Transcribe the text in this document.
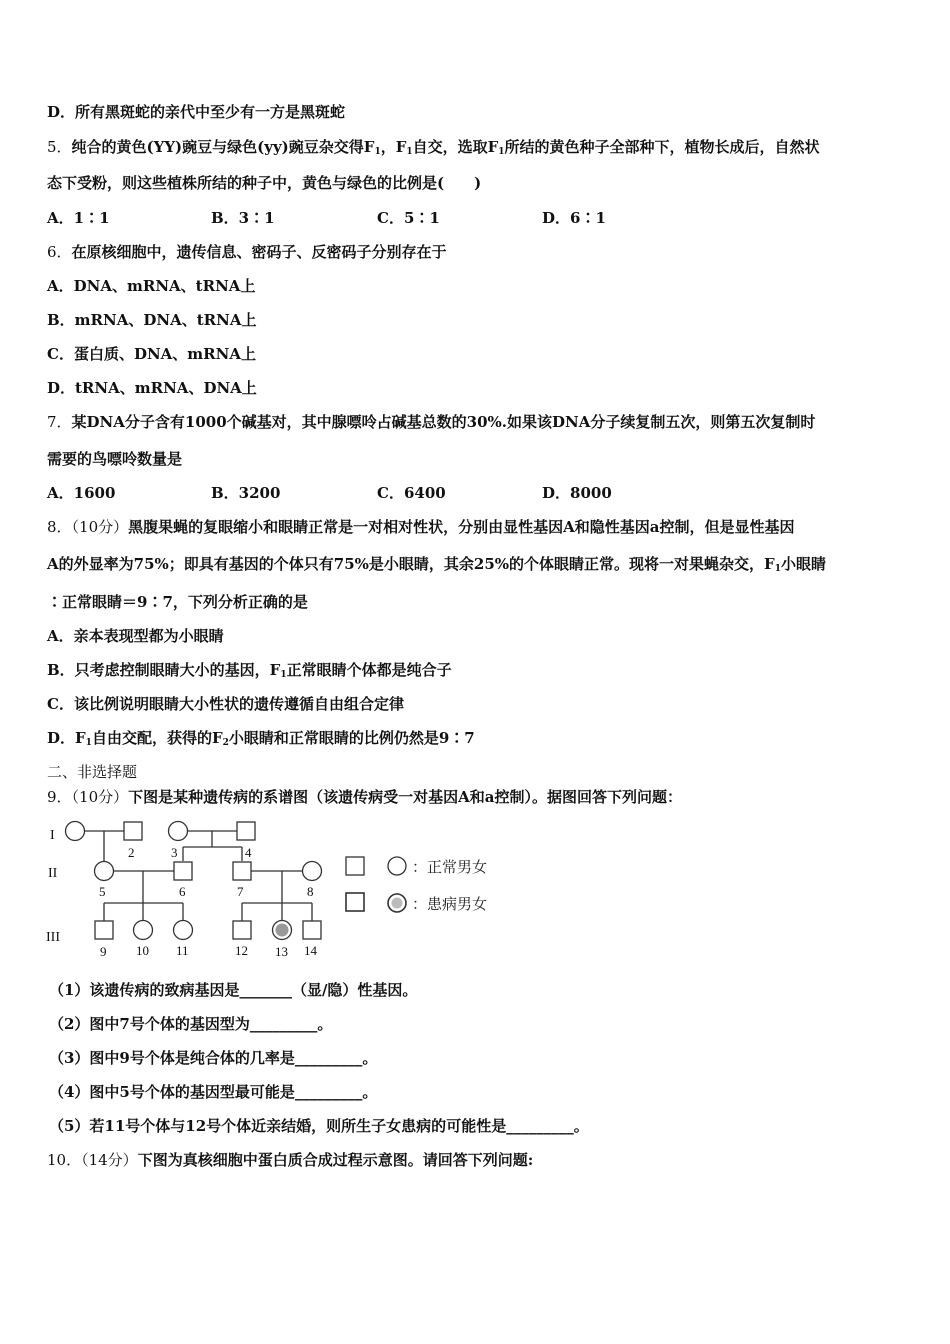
D．所有黑斑蛇的亲代中至少有一方是黑斑蛇
5．纯合的黄色(YY)豌豆与绿色(yy)豌豆杂交得$F_1$，$F_1$自交，选取$F_1$所结的黄色种子全部种下，植物长成后，自然状
态下受粉，则这些植株所结的种子中，黄色与绿色的比例是(　　)
A．1∶1	B．3∶1	C．5∶1	D．6∶1
6．在原核细胞中，遗传信息、密码子、反密码子分别存在于
A．DNA、mRNA、tRNA上
B．mRNA、DNA、tRNA上
C．蛋白质、DNA、mRNA上
D．tRNA、mRNA、DNA上
7．某DNA分子含有1000个碱基对，其中腺嘌呤占碱基总数的30%.如果该DNA分子续复制五次，则第五次复制时
需要的鸟嘌呤数量是
A．1600	B．3200	C．6400	D．8000
8．（10分）黑腹果蝇的复眼缩小和眼睛正常是一对相对性状，分别由显性基因A和隐性基因a控制，但是显性基因
A的外显率为75%；即具有基因的个体只有75%是小眼睛，其余25%的个体眼睛正常。现将一对果蝇杂交，$F_1$小眼睛
∶正常眼睛＝9∶7，下列分析正确的是
A．亲本表现型都为小眼睛
B．只考虑控制眼睛大小的基因，$F_1$正常眼睛个体都是纯合子
C．该比例说明眼睛大小性状的遗传遵循自由组合定律
D．$F_1$自由交配，获得的$F_2$小眼睛和正常眼睛的比例仍然是9∶7
二、非选择题
9．（10分）下图是某种遗传病的系谱图（该遗传病受一对基因A和a控制）。据图回答下列问题：
I
II
III
2	3	4
5	6	7	8
9 10 11	12 13 14
：正常男女
：患病男女
（1）该遗传病的致病基因是_______（显/隐）性基因。
（2）图中7号个体的基因型为_________。
（3）图中9号个体是纯合体的几率是_________。
（4）图中5号个体的基因型最可能是_________。
（5）若11号个体与12号个体近亲结婚，则所生子女患病的可能性是_________。
10．（14分）下图为真核细胞中蛋白质合成过程示意图。请回答下列问题:
